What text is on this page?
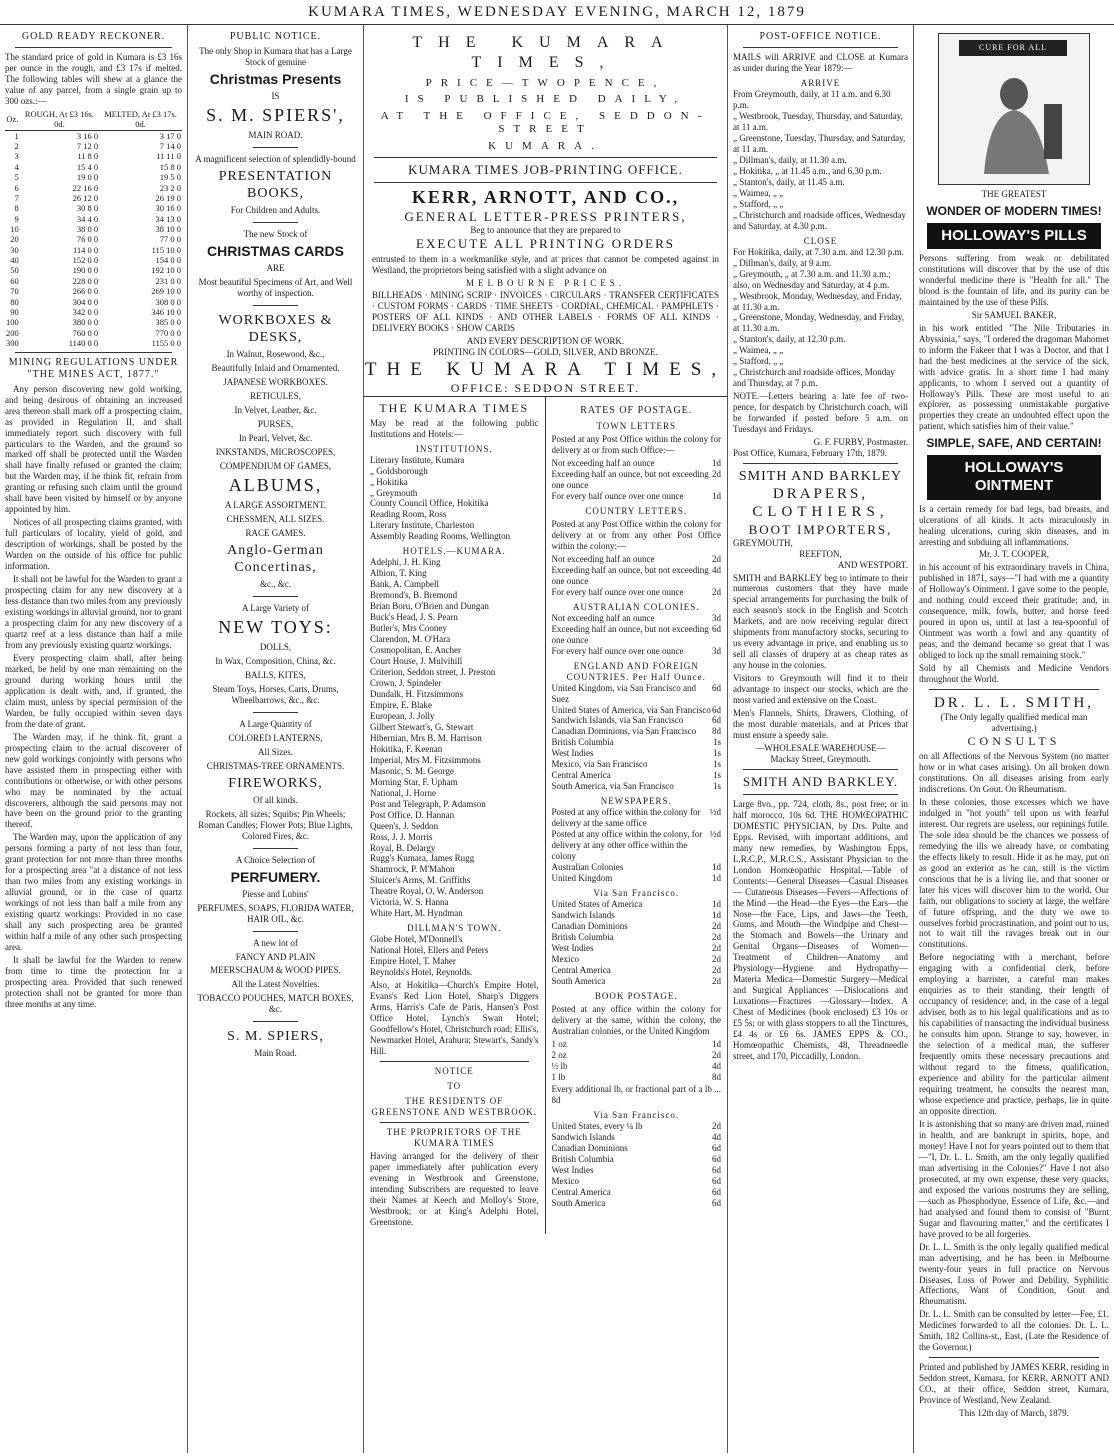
KUMARA TIMES, WEDNESDAY EVENING, MARCH 12, 1879
GOLD READY RECKONER.

The standard price of gold in Kumara is £3 16s per ounce in the rough, and £3 17s if melted. The following tables will shew at a glance the value of any parcel, from a single grain up to 300 ozs.:—

Oz.	ROUGH, At £3 16s. 0d.	MELTED, At £3 17s. 0d.
1	3 16 0	3 17 0
2	7 12 0	7 14 0
3	11 8 0	11 11 0
4	15 4 0	15 8 0
5	19 0 0	19 5 0
6	22 16 0	23 2 0
7	26 12 0	26 19 0
8	30 8 0	30 16 0
9	34 4 0	34 13 0
10	38 0 0	38 10 0
20	76 0 0	77 0 0
30	114 0 0	115 10 0
40	152 0 0	154 0 0
50	190 0 0	192 10 0
60	228 0 0	231 0 0
70	266 0 0	269 10 0
80	304 0 0	308 0 0
90	342 0 0	346 10 0
100	380 0 0	385 0 0
200	760 0 0	770 0 0
300	1140 0 0	1155 0 0
MINING REGULATIONS UNDER "THE MINES ACT, 1877."

Any person discovering new gold working, and being desirous of obtaining an increased area thereon shall mark off a prospecting claim, as provided in Regulation II, and shall immediately report such discovery with full particulars to the Warden, and the ground so marked off shall be protected until the Warden shall have finally refused or granted the claim; but the Warden may, if he think fit, refrain from granting or refusing such claim until the ground shall have been visited by himself or by anyone appointed by him.

Notices of all prospecting claims granted, with full particulars of locality, yield of gold, and description of workings, shall be posted by the Warden on the outside of his office for public information.

It shall not be lawful for the Warden to grant a prospecting claim for any new discovery at a less distance than two miles from any previously existing workings in alluvial ground, nor to grant a prospecting claim for any new discovery of a quartz reef at a less distance than half a mile from any previously existing quartz workings.

Every prospecting claim shall, after being marked, be held by one man remaining on the ground during working hours until the application is dealt with, and, if granted, the claim must, unless by special permission of the Warden, be fully occupied within seven days from the date of grant.

The Warden may, if he think fit, grant a prospecting claim to the actual discoverer of new gold workings conjointly with persons who have assisted them in prospecting either with contributions or otherwise, or with other persons who may be nominated by the actual discoverers, although the said persons may not have been on the ground prior to the granting thereof.

The Warden may, upon the application of any persons forming a party of not less than four, grant protection for not more than three months for a prospecting area "at a distance of not less than two miles from any existing workings in alluvial ground, or in the case of quartz workings of not less than half a mile from any existing quartz workings: Provided in no case shall any such prospecting area be granted within half a mile of any other such prospecting area.

It shall be lawful for the Warden to renew from time to time the protection for a prospecting area. Provided that such renewed protection shall not be granted for more than three months at any time.

PUBLIC NOTICE.
The only Shop in Kumara that has a Large Stock of genuine
Christmas Presents
IS
S. M. SPIERS',
MAIN ROAD.
A magnificent selection of splendidly-bound
PRESENTATION BOOKS,
For Children and Adults.
The new Stock of
CHRISTMAS CARDS
ARE
Most beautiful Specimens of Art, and Well worthy of inspection.
WORKBOXES & DESKS,
In Walnut, Rosewood, &c.,
Beautifully Inlaid and Ornamented.
JAPANESE WORKBOXES.
RETICULES,
In Velvet, Leather, &c.
PURSES,
In Pearl, Velvet, &c.
INKSTANDS, MICROSCOPES,
COMPENDIUM OF GAMES,
ALBUMS,
A LARGE ASSORTMENT.
CHESSMEN, ALL SIZES.
RACE GAMES.
Anglo-German Concertinas,
&c., &c.
A Large Variety of
NEW TOYS:
DOLLS,
In Wax, Composition, China, &c.
BALLS, KITES,
Steam Toys, Horses, Carts, Drums, Wheelbarrows, &c., &c.
A Large Quantity of
COLORED LANTERNS,
All Sizes.
CHRISTMAS-TREE ORNAMENTS.
FIREWORKS,
Of all kinds.
Rockets, all sizes; Squibs; Pin Wheels; Roman Candles; Flower Pots; Blue Lights, Colored Fires, &c.
A Choice Selection of
PERFUMERY.
Piesse and Lubins'
PERFUMES, SOAPS, FLORIDA WATER, HAIR OIL, &c.
A new lot of
FANCY AND PLAIN
MEERSCHAUM & WOOD PIPES.
All the Latest Novelties.
TOBACCO POUCHES, MATCH BOXES, &c.
S. M. SPIERS,
Main Road.
THE KUMARA TIMES,
PRICE—TWOPENCE,
IS PUBLISHED DAILY,
AT THE OFFICE, SEDDON-STREET
KUMARA.
KUMARA TIMES JOB-PRINTING OFFICE.
KERR, ARNOTT, AND CO.,
GENERAL LETTER-PRESS PRINTERS,
Beg to announce that they are prepared to
EXECUTE ALL PRINTING ORDERS

entrusted to them in a workmanlike style, and at prices that cannot be competed against in Westland, the proprietors being satisfied with a slight advance on

MELBOURNE PRICES.

BILLHEADS · MINING SCRIP · INVOICES · CIRCULARS · TRANSFER CERTIFICATES · CUSTOM FORMS · CARDS · TIME SHEETS · CORDIAL, CHEMICAL · PAMPHLETS · POSTERS OF ALL KINDS · AND OTHER LABELS · FORMS OF ALL KINDS · DELIVERY BOOKS · SHOW CARDS

AND EVERY DESCRIPTION OF WORK.
PRINTING IN COLORS—GOLD, SILVER, AND BRONZE.
THE KUMARA TIMES,
OFFICE: SEDDON STREET.
THE KUMARA TIMES

May be read at the following public Institutions and Hotels:—

INSTITUTIONS.
Literary Institute, Kumara
„ Goldsborough
„ Hokitika
„ Greymouth
County Council Office, Hokitika
Reading Room, Ross
Literary Institute, Charleston
Assembly Reading Rooms, Wellington
HOTELS.—KUMARA.
Adelphi, J. H. King
Albion, T. King
Bank, A. Campbell
Bremond's, B. Bremond
Brian Boru, O'Brien and Dungan
Buck's Head, J. S. Pearn
Butler's, Mrs Cooney
Clarendon, M. O'Hara
Cosmopolitan, E. Ancher
Court House, J. Mulvihill
Criterion, Seddon street, J. Preston
Crown, J. Spindeler
Dundalk, H. Fitzsimmons
Empire, E. Blake
European, J. Jolly
Gilbert Stewart's, G. Stewart
Hibernian, Mrs B. M. Harrison
Hokitika, F. Keenan
Imperial, Mrs M. Fitzsimmons
Masonic, S. M. George
Morning Star, F. Upham
National, J. Horne
Post and Telegraph, P. Adamson
Post Office, D. Hannan
Queen's, J. Seddon
Ross, J. J. Morris
Royal, B. Delargy
Rugg's Kumara, James Rugg
Shamrock, P. M'Mahon
Sluicer's Arms, M. Griffiths
Theatre Royal, O. W. Anderson
Victoria, W. S. Hanna
White Hart, M. Hyndman
DILLMAN'S TOWN.
Globe Hotel, M'Donnell's
National Hotel, Ellers and Peters
Empire Hotel, T. Maher
Reynolds's Hotel, Reynolds.

Also, at Hokitika—Church's Empire Hotel, Evans's Red Lion Hotel, Sharp's Diggers Arms, Harris's Cafe de Paris, Hansen's Post Office Hotel, Lynch's Swan Hotel; Goodfellow's Hotel, Christchurch road; Ellis's, Newmarket Hotel, Arahura; Stewart's, Sandy's Hill.

NOTICE
TO
THE RESIDENTS OF GREENSTONE AND WESTBROOK.
THE PROPRIETORS OF THE KUMARA TIMES

Having arranged for the delivery of their paper immediately after publication every evening in Westbrook and Greenstone, intending Subscribers are requested to leave their Names at Keech and Molloy's Store, Westbrook; or at King's Adelphi Hotel, Greenstone.

RATES OF POSTAGE.
TOWN LETTERS

Posted at any Post Office within the colony for delivery at or from such Office:—

Not exceeding half an ounce	1d
Exceeding half an ounce, but not exceeding one ounce
2d
For every half ounce over one ounce	1d
COUNTRY LETTERS.

Posted at any Post Office within the colony for delivery at or from any other Post Office within the colony:—

Not exceeding half an ounce	2d
Exceeding half an ounce, but not exceeding one ounce
4d
For every half ounce over one ounce	2d
AUSTRALIAN COLONIES.
Not exceeding half an ounce	3d
Exceeding half an ounce, but not exceeding one ounce
6d
For every half ounce over one ounce	3d
ENGLAND AND FOREIGN COUNTRIES. Per Half Ounce.
United Kingdom, via San Francisco and Suez
6d
United States of America, via San Francisco 6d
Sandwich Islands, via San Francisco	6d
Canadian Dominions, via San Francisco 8d
British Columbia	1s
West Indies	1s
Mexico, via San Francisco	1s
Central America	1s
South America, via San Francisco	1s
NEWSPAPERS.
Posted at any office within the colony for delivery at the same office
½d
Posted at any office within the colony, for delivery at any other office within the colony
½d
Australian Colonies	1d
United Kingdom	1d
Via San Francisco.
United States of America	1d
Sandwich Islands	1d
Canadian Dominions	2d
British Columbia	2d
West Indies	2d
Mexico	2d
Central America	2d
South America	2d
BOOK POSTAGE.

Posted at any office within the colony for delivery at the same, within the colony, the Australian colonies, or the United Kingdom

1 oz	1d
2 oz	2d
½ lb	4d
1 lb	8d

Every additional lb, or fractional part of a lb ... 8d

Via San Francisco.
United States, every ¼ lb	2d
Sandwich Islands	4d
Canadian Dominions	6d
British Columbia	6d
West Indies	6d
Mexico	6d
Central America	6d
South America	6d
POST-OFFICE NOTICE.

MAILS will ARRIVE and CLOSE at Kumara as under during the Year 1879:—

ARRIVE
From Greymouth, daily, at 11 a.m. and 6.30 p.m.
„ Westbrook, Tuesday, Thursday, and Saturday, at 11 a.m.
„ Greenstone, Tuesday, Thursday, and Saturday, at 11 a.m.
„ Dillman's, daily, at 11.30 a.m.
„ Hokitika, „ at 11.45 a.m., and 6.30 p.m.
„ Stanton's, daily, at 11.45 a.m.
„ Waimea, „ „
„ Stafford, „ „
„ Christchurch and roadside offices, Wednesday and Saturday, at 4.30 p.m.
CLOSE
For Hokitika, daily, at 7.30 a.m. and 12.30 p.m.
„ Dillman's, daily, at 9 a.m.
„ Greymouth, „ at 7.30 a.m. and 11.30 a.m.; also, on Wednesday and Saturday, at 4 p.m.
„ Westbrook, Monday, Wednesday, and Friday, at 11.30 a.m.
„ Greenstone, Monday, Wednesday, and Friday, at 11.30 a.m.
„ Stanton's, daily, at 12.30 p.m.
„ Waimea, „ „
„ Stafford, „ „
„ Christchurch and roadside offices, Monday and Thursday, at 7 p.m.

NOTE.—Letters bearing a late fee of two-pence, for despatch by Christchurch coach, will be forwarded if posted before 5 a.m. on Tuesdays and Fridays.

G. F. FURBY, Postmaster.
Post Office, Kumara, February 17th, 1879.
SMITH AND BARKLEY
DRAPERS,
CLOTHIERS,
BOOT IMPORTERS,
GREYMOUTH,
REEFTON,
AND WESTPORT.

SMITH and BARKLEY beg to intimate to their numerous customers that they have made special arrangements for purchasing the bulk of each season's stock in the English and Scotch Markets, and are now receiving regular direct shipments from manufactory stocks, securing to us every advantage in price, and enabling us to sell all classes of drapery at as cheap rates as any house in the colonies.

Visitors to Greymouth will find it to their advantage to inspect our stocks, which are the most varied and extensive on the Coast.

Men's Flannels, Shirts, Drawers, Clothing, of the most durable materials, and at Prices that must ensure a speedy sale.

—WHOLESALE WAREHOUSE—
Mackay Street, Greymouth.
SMITH AND BARKLEY.

Large 8vo., pp. 724, cloth, 8s., post free; or in half morocco, 10s 6d. THE HOMŒOPATHIC DOMESTIC PHYSICIAN, by Drs. Pulte and Epps. Revised, with important additions, and many new remedies, by Washington Epps, L.R.C.P., M.R.C.S., Assistant Physician to the London Homœopathic Hospital.—Table of Contents:—General Diseases—Casual Diseases — Cutaneous Diseases—Fevers—Affections of the Mind —the Head—the Eyes—the Ears—the Nose—the Face, Lips, and Jaws—the Teeth, Gums, and Mouth—the Windpipe and Chest—the Stomach and Bowels—the Urinary and Genital Organs—Diseases of Women—Treatment of Children—Anatomy and Physiology—Hygiene and Hydropathy—Materia Medica—Domestic Surgery—Medical and Surgical Appliances —Dislocations and Luxations—Fractures —Glossary—Index. A Chest of Medicines (book enclosed) £3 10s or £5 5s; or with glass stoppers to all the Tinctures, £4 4s or £6 6s. JAMES EPPS & CO., Homœopathic Chemists, 48, Threadneedle street, and 170, Piccadilly, London.

CURE FOR ALL
THE GREATEST
WONDER OF MODERN TIMES!
HOLLOWAY'S PILLS

Persons suffering from weak or debilitated constitutions will discover that by the use of this wonderful medicine there is "Health for all." The blood is the fountain of life, and its purity can be maintained by the use of these Pills.

Sir SAMUEL BAKER,

in his work entitled "The Nile Tributaries in Abyssinia," says, "I ordered the dragoman Mahomet to inform the Fakeer that I was a Doctor, and that I had the best medicines at the service of the sick, with advice gratis. In a short time I had many applicants, to whom I served out a quantity of Holloway's Pills. These are most useful to an explorer, as possessing unmistakable purgative properties they create an undoubted effect upon the patient, which satisfies him of their value."

SIMPLE, SAFE, AND CERTAIN!
HOLLOWAY'S OINTMENT

Is a certain remedy for bad legs, bad breasts, and ulcerations of all kinds. It acts miraculously in healing ulcerations, curing skin diseases, and in arresting and subduing all inflammations.

Mr. J. T. COOPER,

in his account of his extraordinary travels in China, published in 1871, says—"I had with me a quantity of Holloway's Ointment. I gave some to the people, and nothing could exceed their gratitude; and, in consequence, milk, fowls, butter, and horse feed poured in upon us, until at last a tea-spoonful of Ointment was worth a fowl and any quantity of peas, and the demand became so great that I was obliged to lock up the small remaining stock."

Sold by all Chemists and Medicine Vendors throughout the World.

DR. L. L. SMITH,
(The Only legally qualified medical man advertising.)
CONSULTS

on all Affections of the Nervous System (no matter how or in what cases arising). On all broken down constitutions. On all diseases arising from early indiscretions. On Gout. On Rheumatism.

In these colonies, those excesses which we have indulged in "hot youth" tell upon us with fearful interest. Our regrets are useless, our repinings futile. The sole idea should be the chances we possess of remedying the ills we already have, or combating the effects likely to result. Hide it as he may, put on as good an exterior as he can, still is the victim conscious that he is a living lie, and that sooner or later his vices will discover him to the world. Our faith, our obligations to society at large, the welfare of future offspring, and the duty we owe to ourselves forbid procrastination, and point out to us, not to wait till the ravages break out in our constitutions.

Before negociating with a merchant, before engaging with a confidential clerk, before employing a barrister, a careful man makes enquiries as to their standing, their length of occupancy of residence; and, in the case of a legal adviser, both as to his legal qualifications and as to his capabilities of transacting the individual business he consults him upon. Strange to say, however, in the selection of a medical man, the sufferer frequently omits these necessary precautions and without regard to the fitness, qualification, experience and ability for the particular ailment requiring treatment, he consults the nearest man, whose experience and practice, perhaps, lie in quite an opposite direction.

It is astonishing that so many are driven mad, ruined in health, and are bankrupt in spirits, hope, and money! Have I not for years pointed out to them that—"I, Dr. L. L. Smith, am the only legally qualified man advertising in the Colonies?" Have I not also prosecuted, at my own expense, these very quacks, and exposed the various nostrums they are selling,—such as Phosphodyne, Essence of Life, &c.—and had analysed and found them to consist of "Burnt Sugar and flavouring matter," and the certificates I have proved to be all forgeries.

Dr. L. L. Smith is the only legally qualified medical man advertising, and he has been in Melbourne twenty-four years in full practice on Nervous Diseases, Loss of Power and Debility, Syphilitic Affections, Want of Condition, Gout and Rheumatism.

Dr. L. L. Smith can be consulted by letter—Fee, £1. Medicines forwarded to all the colonies. Dr. L. L. Smith, 182 Collins-st., East, (Late the Residence of the Governor.)

Printed and published by JAMES KERR, residing in Seddon street, Kumara, for KERR, ARNOTT AND CO., at their office, Seddon street, Kumara, Province of Westland, New Zealand.

This 12th day of March, 1879.
